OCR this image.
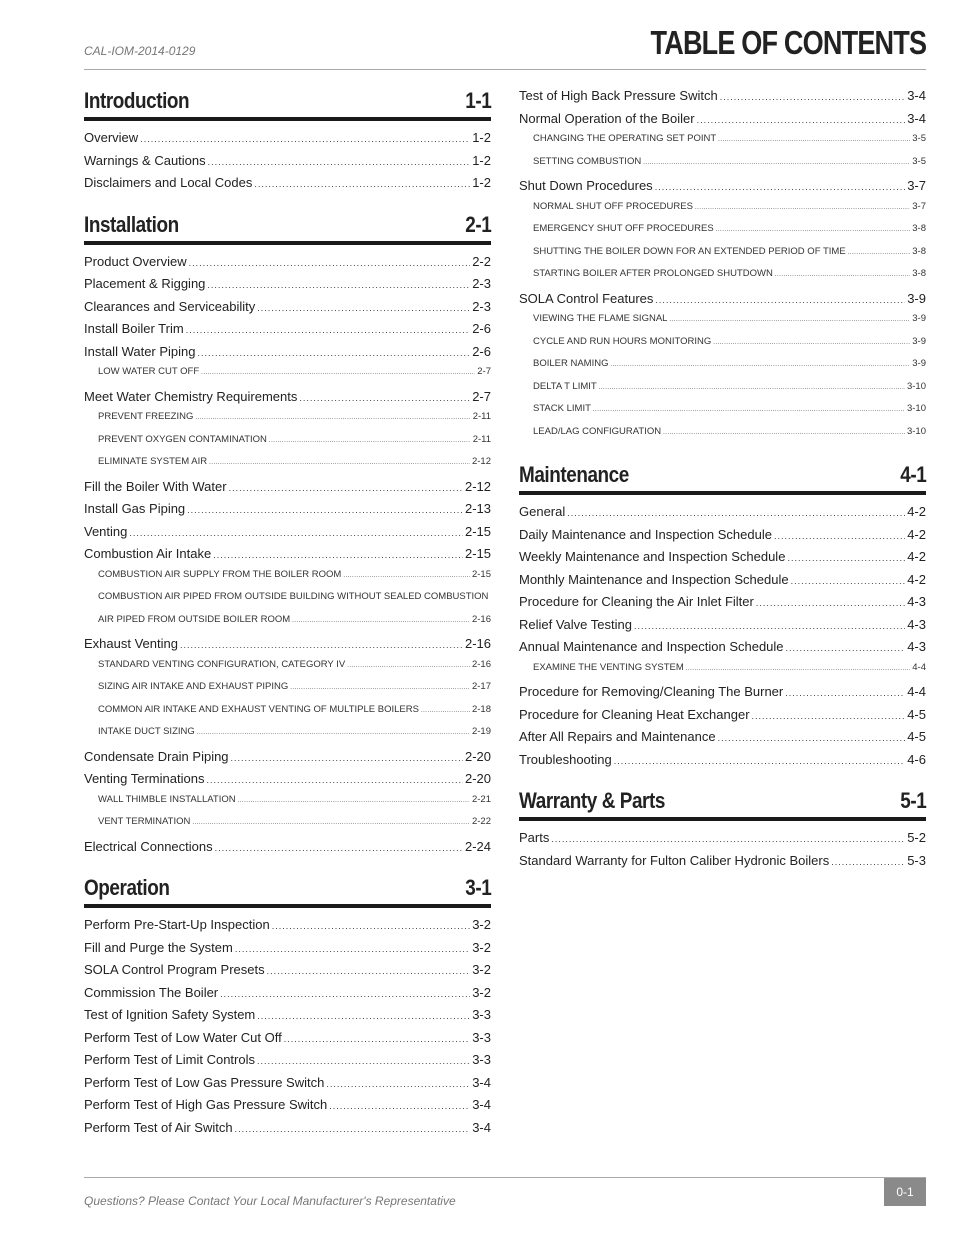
CAL-IOM-2014-0129	TABLE OF CONTENTS
Introduction	1-1
Overview .....	1-2
Warnings & Cautions .....	1-2
Disclaimers and Local Codes .....	1-2
Installation	2-1
Product Overview .....	2-2
Placement & Rigging .....	2-3
Clearances and Serviceability .....	2-3
Install Boiler Trim .....	2-6
Install Water Piping .....	2-6
LOW WATER CUT OFF .....	2-7
Meet Water Chemistry Requirements .....	2-7
PREVENT FREEZING .....	2-11
PREVENT OXYGEN CONTAMINATION .....	2-11
ELIMINATE SYSTEM AIR .....	2-12
Fill the Boiler With Water .....	2-12
Install Gas Piping .....	2-13
Venting .....	2-15
Combustion Air Intake .....	2-15
COMBUSTION AIR SUPPLY FROM THE BOILER ROOM .....	2-15
COMBUSTION AIR PIPED FROM OUTSIDE BUILDING WITHOUT SEALED COMBUSTION
AIR PIPED FROM OUTSIDE BOILER ROOM .....	2-16
Exhaust Venting .....	2-16
STANDARD VENTING CONFIGURATION, CATEGORY IV .....	2-16
SIZING AIR INTAKE AND EXHAUST PIPING .....	2-17
COMMON AIR INTAKE AND EXHAUST VENTING OF MULTIPLE BOILERS .....	2-18
INTAKE DUCT SIZING .....	2-19
Condensate Drain Piping .....	2-20
Venting Terminations .....	2-20
WALL THIMBLE INSTALLATION .....	2-21
VENT TERMINATION .....	2-22
Electrical Connections .....	2-24
Operation	3-1
Perform Pre-Start-Up Inspection .....	3-2
Fill and Purge the System .....	3-2
SOLA Control Program Presets .....	3-2
Commission The Boiler .....	3-2
Test of Ignition Safety System .....	3-3
Perform Test of Low Water Cut Off .....	3-3
Perform Test of Limit Controls .....	3-3
Perform Test of Low Gas Pressure Switch .....	3-4
Perform Test of High Gas Pressure Switch .....	3-4
Perform Test of Air Switch .....	3-4
Test of High Back Pressure Switch .....	3-4
Normal Operation of the Boiler .....	3-4
CHANGING THE OPERATING SET POINT .....	3-5
SETTING COMBUSTION .....	3-5
Shut Down Procedures .....	3-7
NORMAL SHUT OFF PROCEDURES .....	3-7
EMERGENCY SHUT OFF PROCEDURES .....	3-8
SHUTTING THE BOILER DOWN FOR AN EXTENDED PERIOD OF TIME .....	3-8
STARTING BOILER AFTER PROLONGED SHUTDOWN .....	3-8
SOLA Control Features .....	3-9
VIEWING THE FLAME SIGNAL .....	3-9
CYCLE AND RUN HOURS MONITORING .....	3-9
BOILER NAMING .....	3-9
DELTA T LIMIT .....	3-10
STACK LIMIT .....	3-10
LEAD/LAG CONFIGURATION .....	3-10
Maintenance	4-1
General .....	4-2
Daily Maintenance and Inspection Schedule .....	4-2
Weekly Maintenance and Inspection Schedule .....	4-2
Monthly Maintenance and Inspection Schedule .....	4-2
Procedure for Cleaning the Air Inlet Filter .....	4-3
Relief Valve Testing .....	4-3
Annual Maintenance and Inspection Schedule .....	4-3
EXAMINE THE VENTING SYSTEM .....	4-4
Procedure for Removing/Cleaning The Burner .....	4-4
Procedure for Cleaning Heat Exchanger .....	4-5
After All Repairs and Maintenance .....	4-5
Troubleshooting .....	4-6
Warranty & Parts	5-1
Parts .....	5-2
Standard Warranty for Fulton Caliber Hydronic Boilers .....	5-3
Questions? Please Contact Your Local Manufacturer's Representative
0-1
